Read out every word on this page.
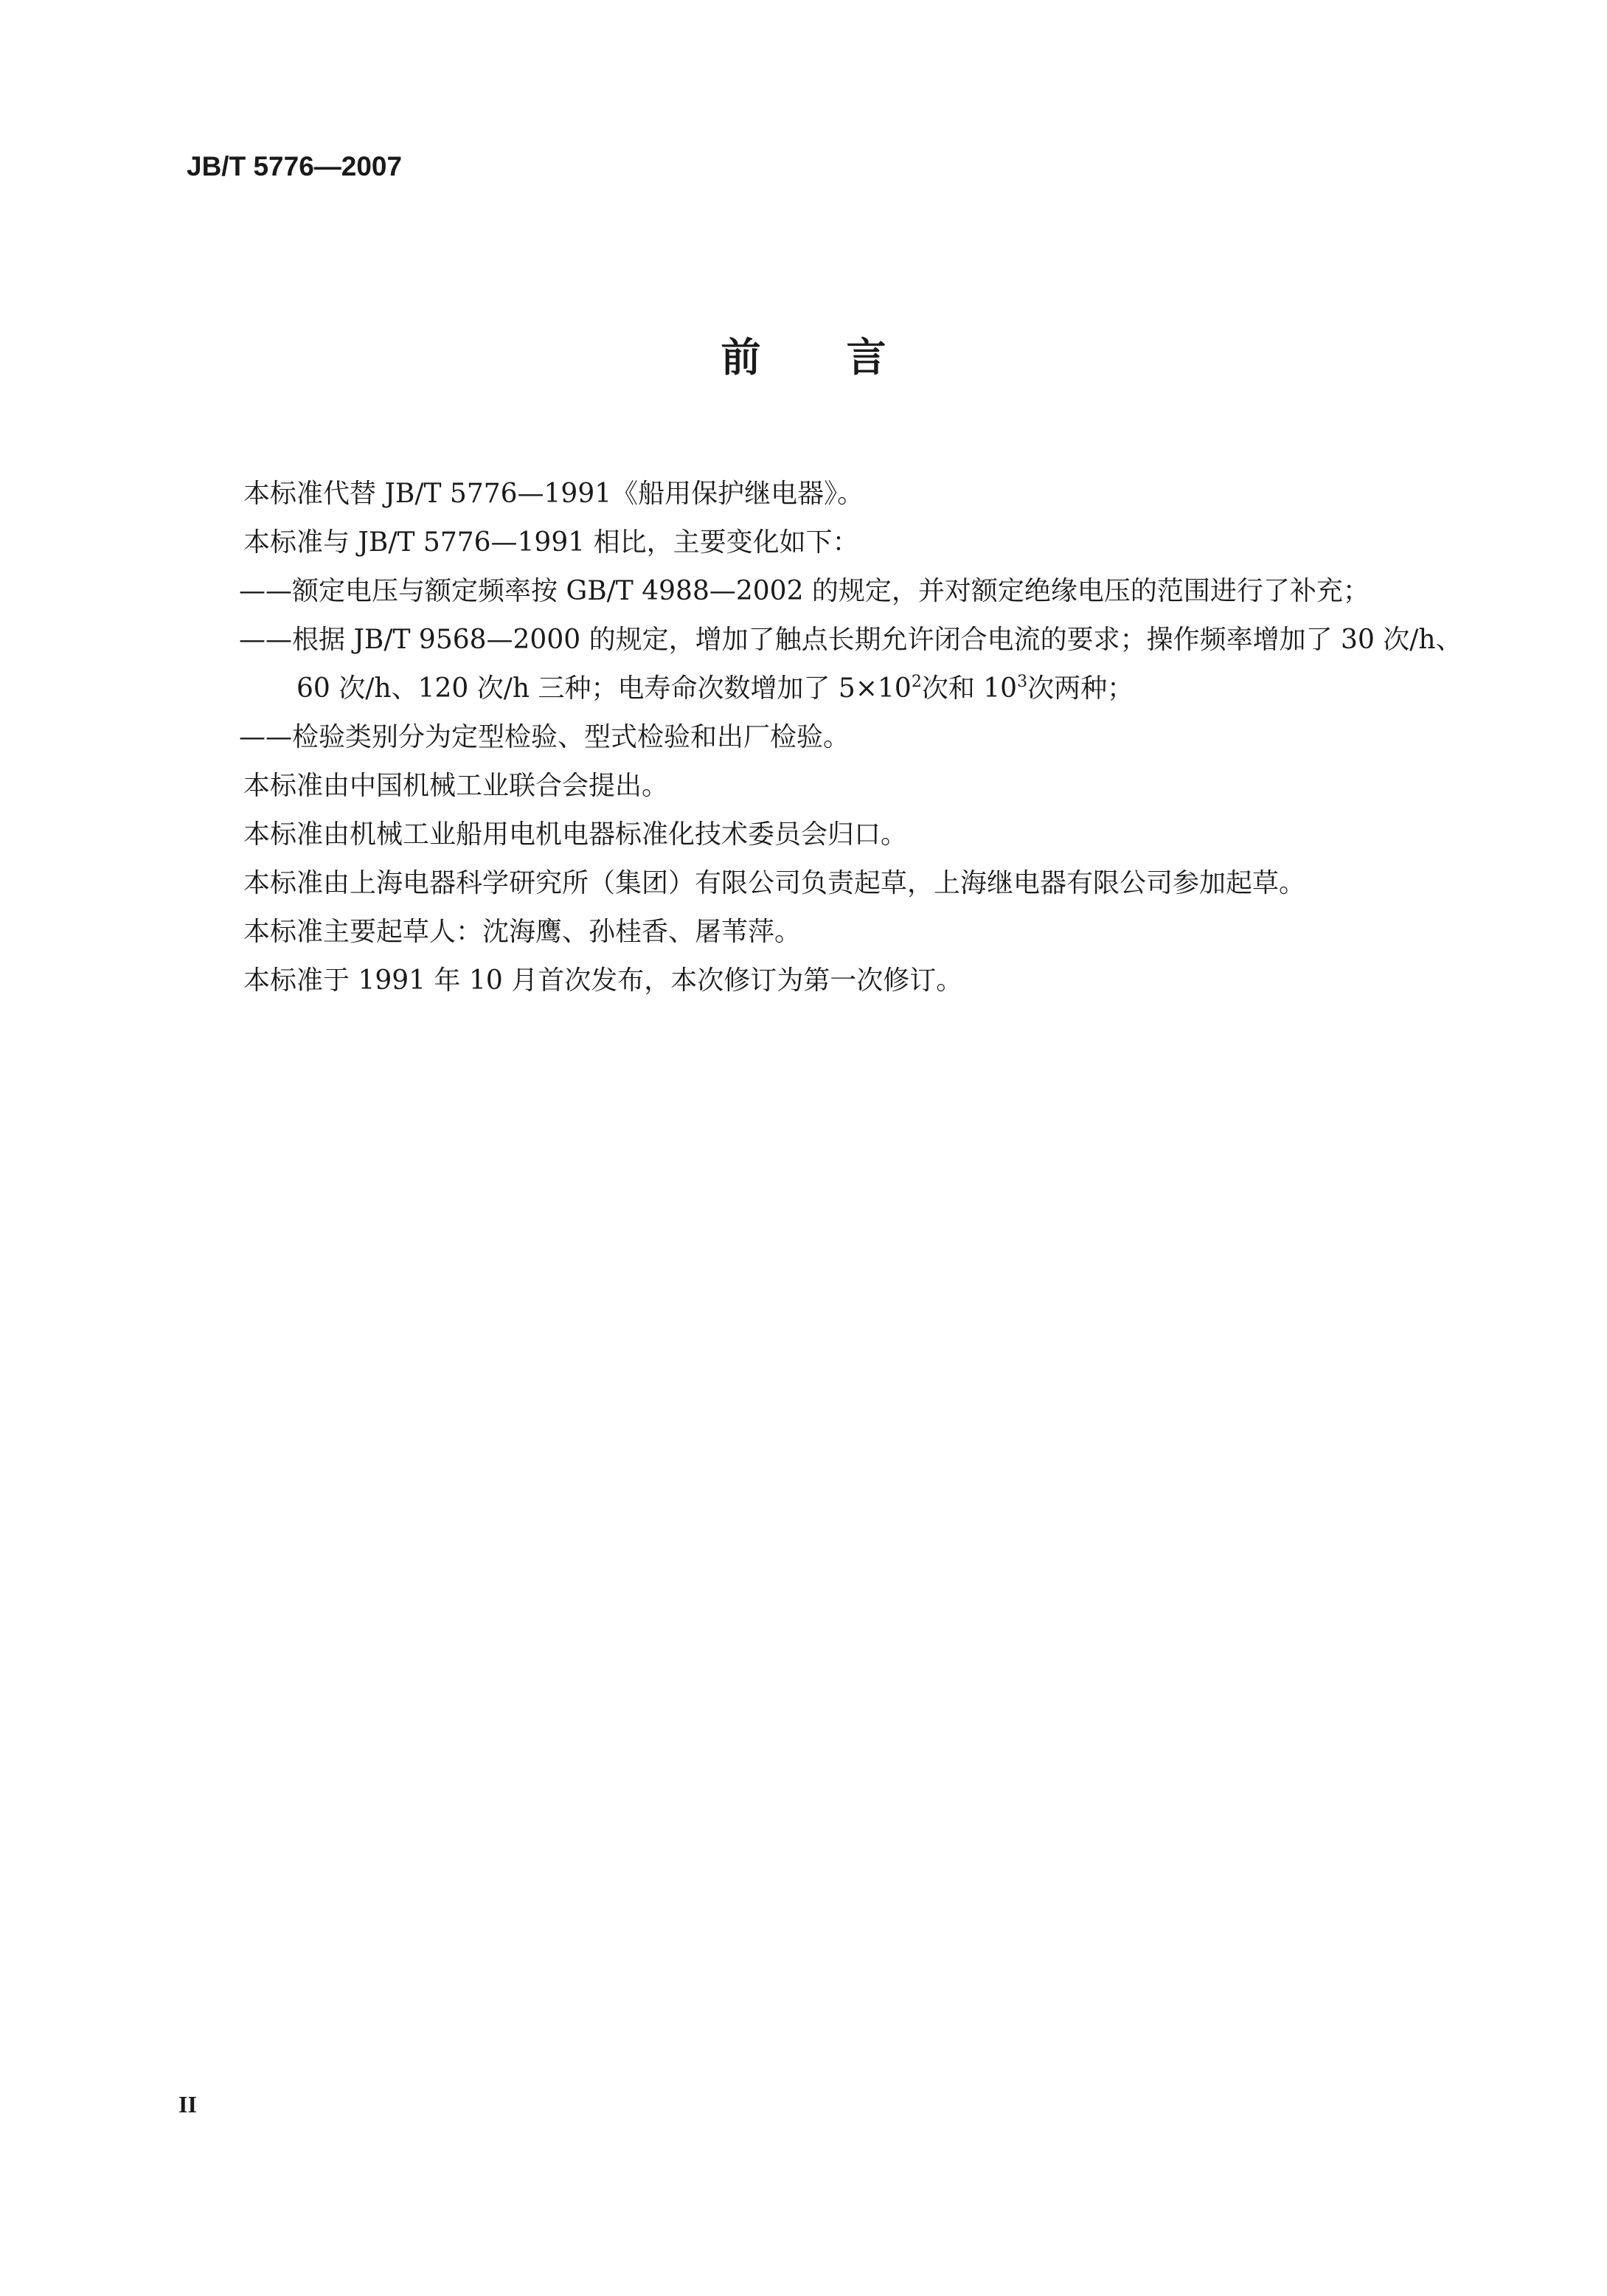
JB/T 5776—2007
前 言
本标准代替 JB/T 5776—1991《船用保护继电器》。
本标准与 JB/T 5776—1991 相比，主要变化如下：
——额定电压与额定频率按 GB/T 4988—2002 的规定，并对额定绝缘电压的范围进行了补充；
——根据 JB/T 9568—2000 的规定，增加了触点长期允许闭合电流的要求；操作频率增加了 30 次/h、
60 次/h、120 次/h 三种；电寿命次数增加了 $5\times 10^2$次和 $10^3$次两种；
——检验类别分为定型检验、型式检验和出厂检验。
本标准由中国机械工业联合会提出。
本标准由机械工业船用电机电器标准化技术委员会归口。
本标准由上海电器科学研究所（集团）有限公司负责起草，上海继电器有限公司参加起草。
本标准主要起草人：沈海鹰、孙桂香、屠苇萍。
本标准于 1991 年 10 月首次发布，本次修订为第一次修订。
II
